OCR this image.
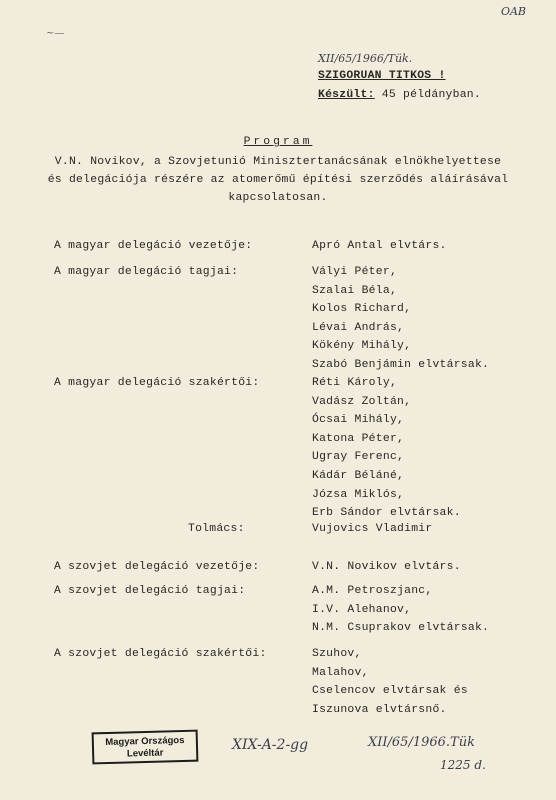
OAB
~—
XII/65/1966/Tük.
SZIGORUAN TITKOS !
Készült: 45 példányban.
Program
V.N. Novikov, a Szovjetunió Minisztertanácsának elnökhelyettese
és delegációja részére az atomerőmű építési szerződés aláírásával
kapcsolatosan.
A magyar delegáció vezetője:	Apró Antal elvtárs.
A magyar delegáció tagjai:	Vályi Péter,
Szalai Béla,
Kolos Richard,
Lévai András,
Kökény Mihály,
Szabó Benjámin elvtársak.
A magyar delegáció szakértői:	Réti Károly,
Vadász Zoltán,
Ócsai Mihály,
Katona Péter,
Ugray Ferenc,
Kádár Béláné,
Józsa Miklós,
Erb Sándor elvtársak.
Tolmács:	Vujovics Vladimir
A szovjet delegáció vezetője:	V.N. Novikov elvtárs.
A szovjet delegáció tagjai:	A.M. Petroszjanc,
I.V. Alehanov,
N.M. Csuprakov elvtársak.
A szovjet delegáció szakértői:	Szuhov,
Malahov,
Cselencov elvtársak és
Iszunova elvtársnő.
Magyar Országos
Levéltár
XIX-A-2-gg	XII/65/1966.Tük
1225 d.
